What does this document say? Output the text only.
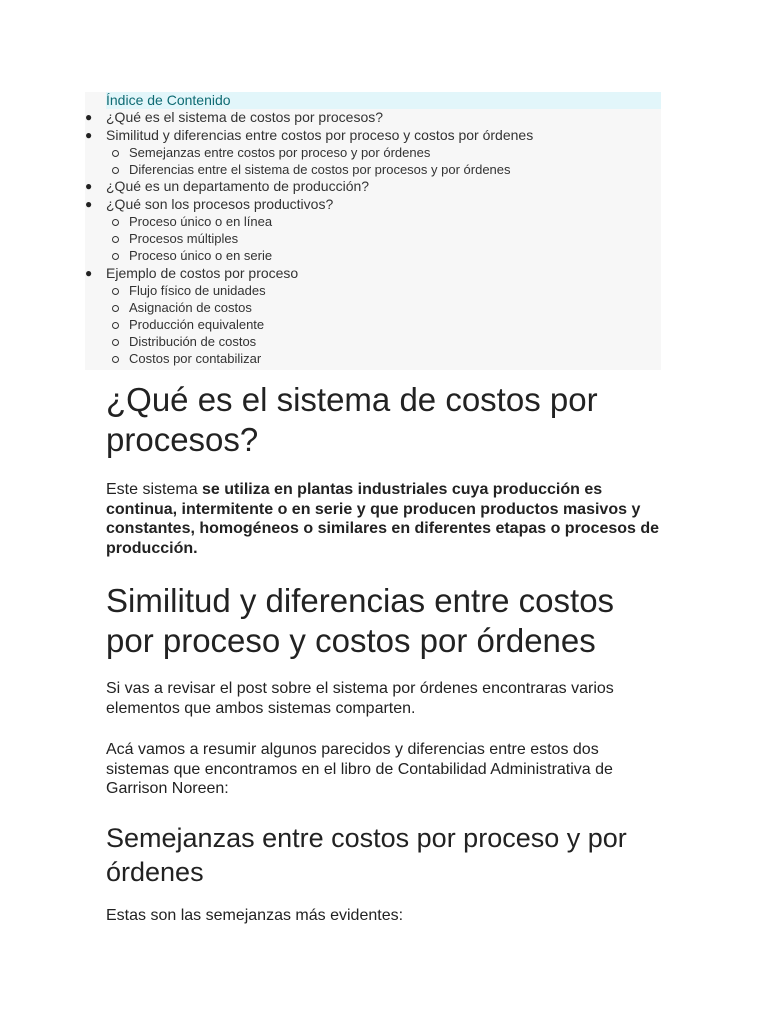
Índice de Contenido
● ¿Qué es el sistema de costos por procesos?
● Similitud y diferencias entre costos por proceso y costos por órdenes
Semejanzas entre costos por proceso y por órdenes
Diferencias entre el sistema de costos por procesos y por órdenes
● ¿Qué es un departamento de producción?
● ¿Qué son los procesos productivos?
Proceso único o en línea
Procesos múltiples
Proceso único o en serie
● Ejemplo de costos por proceso
Flujo físico de unidades
Asignación de costos
Producción equivalente
Distribución de costos
Costos por contabilizar
¿Qué es el sistema de costos por procesos?

Este sistema se utiliza en plantas industriales cuya producción es continua, intermitente o en serie y que producen productos masivos y constantes, homogéneos o similares en diferentes etapas o procesos de producción.

Similitud y diferencias entre costos por proceso y costos por órdenes

Si vas a revisar el post sobre el sistema por órdenes encontraras varios elementos que ambos sistemas comparten.

Acá vamos a resumir algunos parecidos y diferencias entre estos dos sistemas que encontramos en el libro de Contabilidad Administrativa de Garrison Noreen:

Semejanzas entre costos por proceso y por órdenes

Estas son las semejanzas más evidentes:
